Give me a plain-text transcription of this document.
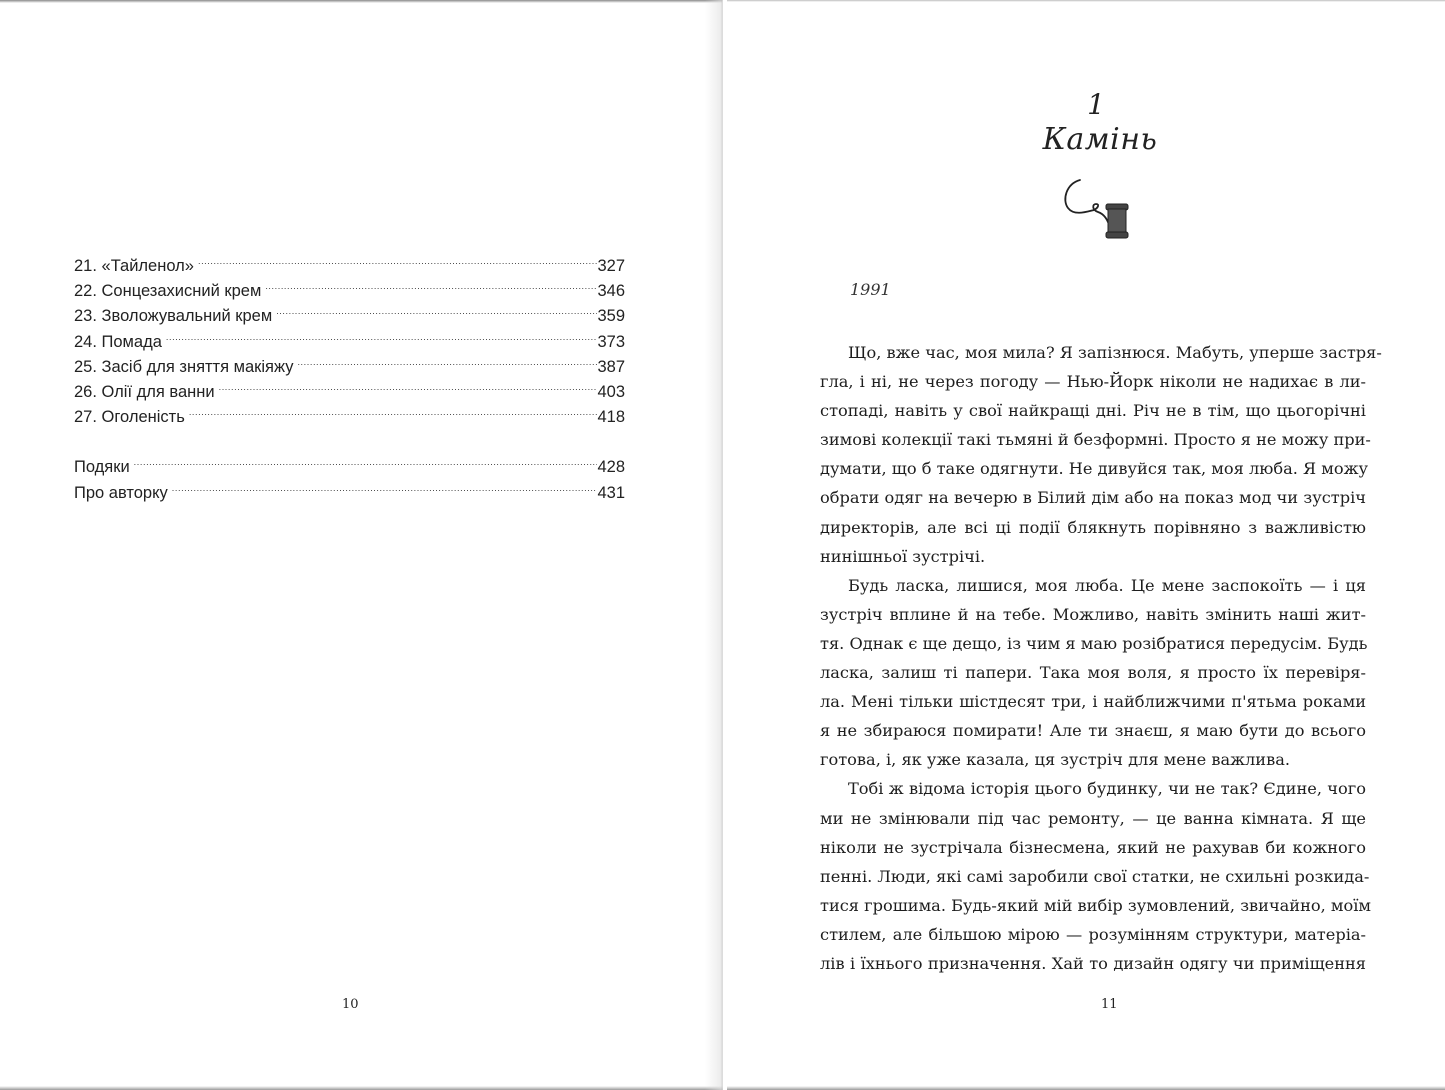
21. «Тайленол» .....	327
22. Сонцезахисний крем .....	346
23. Зволожувальний крем .....	359
24. Помада .....	373
25. Засіб для зняття макіяжу .....	387
26. Олії для ванни .....	403
27. Оголеність .....	418
Подяки .....	428
Про авторку .....	431
10
1
Камінь
1991
Що, вже час, моя мила? Я запізнюся. Мабуть, уперше застря-
гла, і ні, не через погоду — Нью-Йорк ніколи не надихає в ли-
стопаді, навіть у свої найкращі дні. Річ не в тім, що цьогорічні
зимові колекції такі тьмяні й безформні. Просто я не можу при-
думати, що б таке одягнути. Не дивуйся так, моя люба. Я можу
обрати одяг на вечерю в Білий дім або на показ мод чи зустріч
директорів, але всі ці події блякнуть порівняно з важливістю
нинішньої зустрічі.
Будь ласка, лишися, моя люба. Це мене заспокоїть — і ця
зустріч вплине й на тебе. Можливо, навіть змінить наші жит-
тя. Однак є ще дещо, із чим я маю розібратися передусім. Будь
ласка, залиш ті папери. Така моя воля, я просто їх перевіря-
ла. Мені тільки шістдесят три, і найближчими п'ятьма роками
я не збираюся помирати! Але ти знаєш, я маю бути до всього
готова, і, як уже казала, ця зустріч для мене важлива.
Тобі ж відома історія цього будинку, чи не так? Єдине, чого
ми не змінювали під час ремонту, — це ванна кімната. Я ще
ніколи не зустрічала бізнесмена, який не рахував би кожного
пенні. Люди, які самі заробили свої статки, не схильні розкида-
тися грошима. Будь-який мій вибір зумовлений, звичайно, моїм
стилем, але більшою мірою — розумінням структури, матеріа-
лів і їхнього призначення. Хай то дизайн одягу чи приміщення
11
